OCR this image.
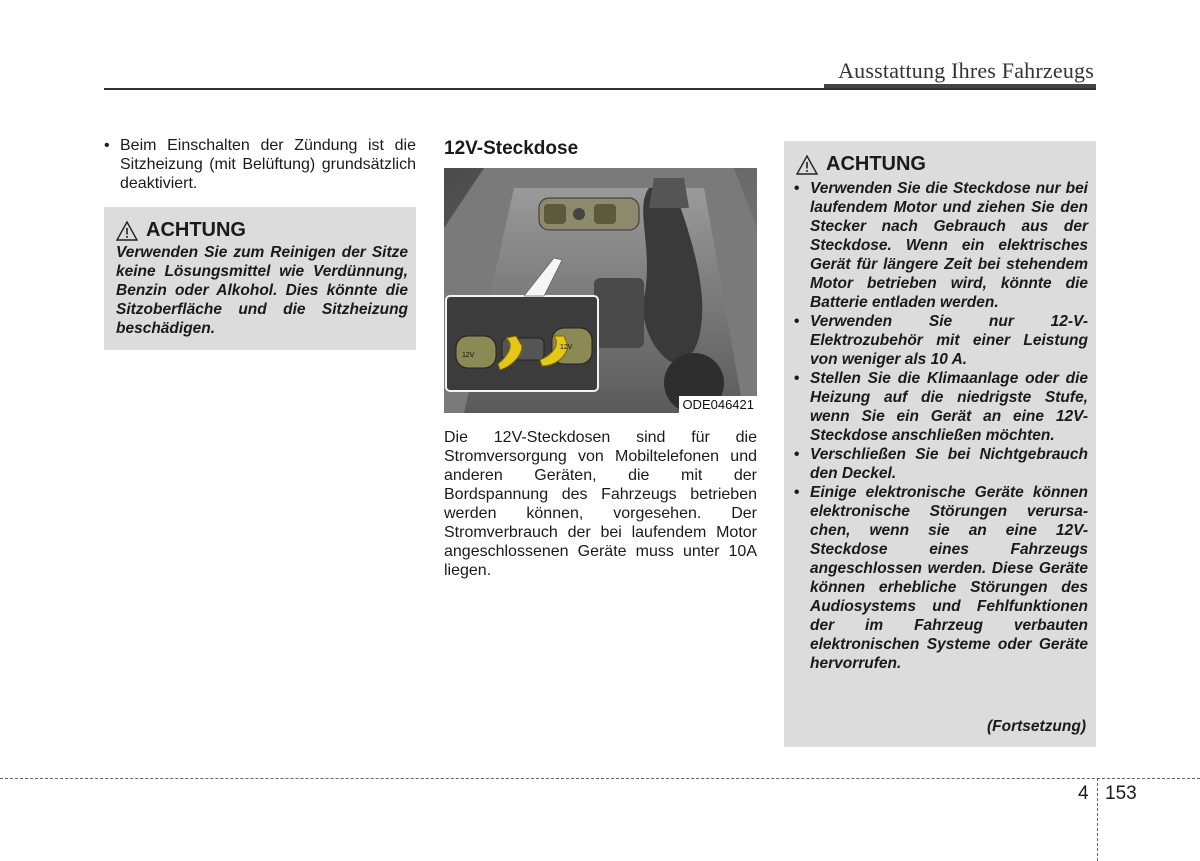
Ausstattung Ihres Fahrzeugs
• Beim Einschalten der Zündung ist die Sitzheizung (mit Belüftung) grundsätzlich deaktiviert.
ACHTUNG
Verwenden Sie zum Reinigen der Sitze keine Lösungsmittel wie Verdünnung, Benzin oder Alkohol. Dies könnte die Sitzoberfläche und die Sitzheizung beschädigen.
12V-Steckdose
12V
12V
ODE046421
Die 12V-Steckdosen sind für die Stromversorgung von Mobiltelefonen und anderen Geräten, die mit der Bordspannung des Fahrzeugs betrieben werden können, vorgesehen. Der Stromverbrauch der bei laufendem Motor angeschlossenen Geräte muss unter 10A liegen.
ACHTUNG
• Verwenden Sie die Steckdose nur bei laufendem Motor und ziehen Sie den Stecker nach Gebrauch aus der Steckdose. Wenn ein elektrisches Gerät für längere Zeit bei stehendem Motor betrieben wird, könnte die Batterie entladen werden.
• Verwenden Sie nur 12-V-Elektrozubehör mit einer Leistung von weniger als 10 A.
• Stellen Sie die Klimaanlage oder die Heizung auf die niedrigste Stufe, wenn Sie ein Gerät an eine 12V-Steckdose anschließen möchten.
• Verschließen Sie bei Nichtgebrauch den Deckel.
• Einige elektronische Geräte können elektronische Störungen verursa-chen, wenn sie an eine 12V-Steckdose eines Fahrzeugs angeschlossen werden. Diese Geräte können erhebliche Störungen des Audiosystems und Fehlfunktionen der im Fahrzeug verbauten elektronischen Systeme oder Geräte hervorrufen.
(Fortsetzung)
4 153
